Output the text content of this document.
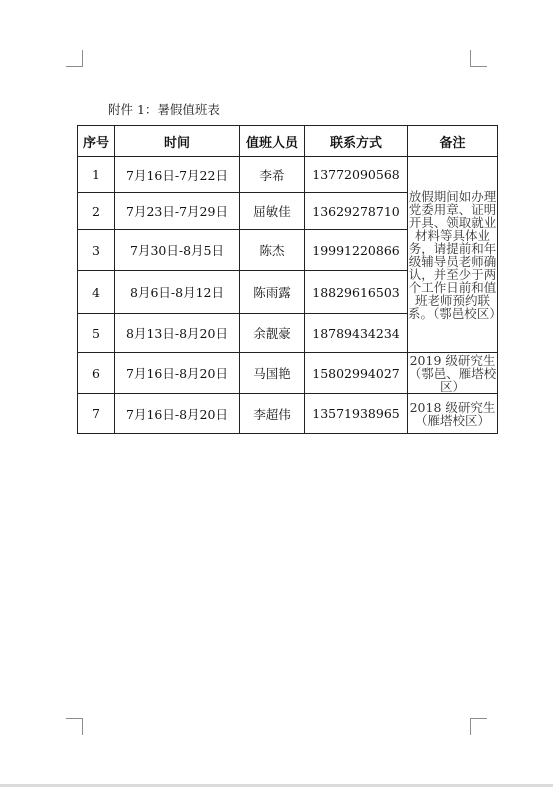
附件 1：暑假值班表
序号	时间	值班人员	联系方式	备注
1	7月16日-7月22日	李希	13772090568	放假期间如办理党委用章、证明开具、领取就业材料等具体业务，请提前和年级辅导员老师确认，并至少于两个工作日前和值班老师预约联系。（鄠邑校区）
2	7月23日-7月29日	屈敏佳	13629278710	
3	7月30日-8月5日	陈杰	19991220866	
4	8月6日-8月12日	陈雨露	18829616503	
5	8月13日-8月20日	余靓豪	18789434234	
6	7月16日-8月20日	马国艳	15802994027	2019 级研究生（鄠邑、雁塔校区）
7	7月16日-8月20日	李超伟	13571938965	2018 级研究生（雁塔校区）
